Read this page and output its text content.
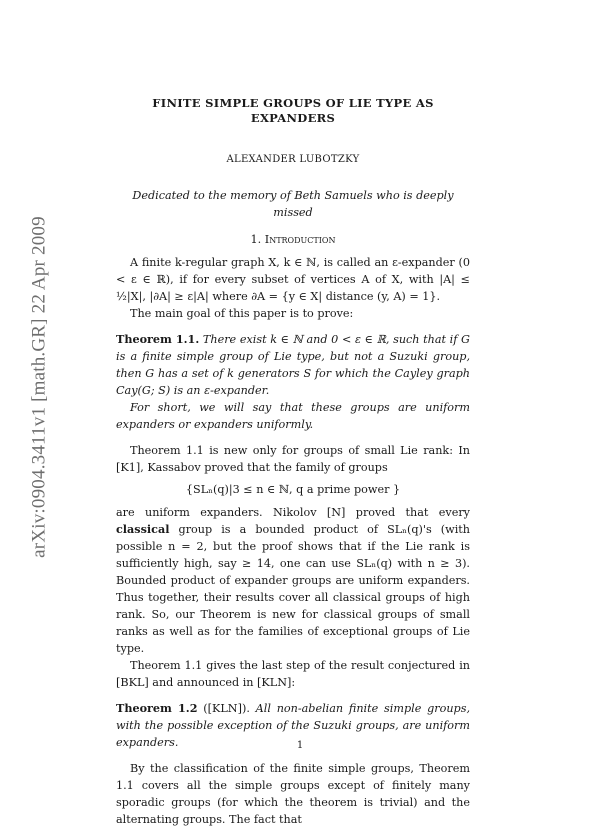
arXiv:0904.3411v1 [math.GR] 22 Apr 2009
FINITE SIMPLE GROUPS OF LIE TYPE AS
EXPANDERS
ALEXANDER LUBOTZKY
Dedicated to the memory of Beth Samuels who is deeply missed
1. Introduction

A finite k-regular graph X, k ∈ ℕ, is called an ε-expander (0 < ε ∈ ℝ), if for every subset of vertices A of X, with |A| ≤ ½|X|, |∂A| ≥ ε|A| where ∂A = {y ∈ X| distance (y, A) = 1}.

The main goal of this paper is to prove:

Theorem 1.1. There exist k ∈ ℕ and 0 < ε ∈ ℝ, such that if G is a finite simple group of Lie type, but not a Suzuki group, then G has a set of k generators S for which the Cayley graph Cay(G; S) is an ε-expander.

For short, we will say that these groups are uniform expanders or expanders uniformly.

Theorem 1.1 is new only for groups of small Lie rank: In [K1], Kassabov proved that the family of groups

{SLₙ(q)|3 ≤ n ∈ ℕ, q a prime power }

are uniform expanders. Nikolov [N] proved that every classical group is a bounded product of SLₙ(q)'s (with possible n = 2, but the proof shows that if the Lie rank is sufficiently high, say ≥ 14, one can use SLₙ(q) with n ≥ 3). Bounded product of expander groups are uniform expanders. Thus together, their results cover all classical groups of high rank. So, our Theorem is new for classical groups of small ranks as well as for the families of exceptional groups of Lie type.

Theorem 1.1 gives the last step of the result conjectured in [BKL] and announced in [KLN]:

Theorem 1.2 ([KLN]). All non-abelian finite simple groups, with the possible exception of the Suzuki groups, are uniform expanders.

By the classification of the finite simple groups, Theorem 1.1 covers all the simple groups except of finitely many sporadic groups (for which the theorem is trivial) and the alternating groups. The fact that

1
